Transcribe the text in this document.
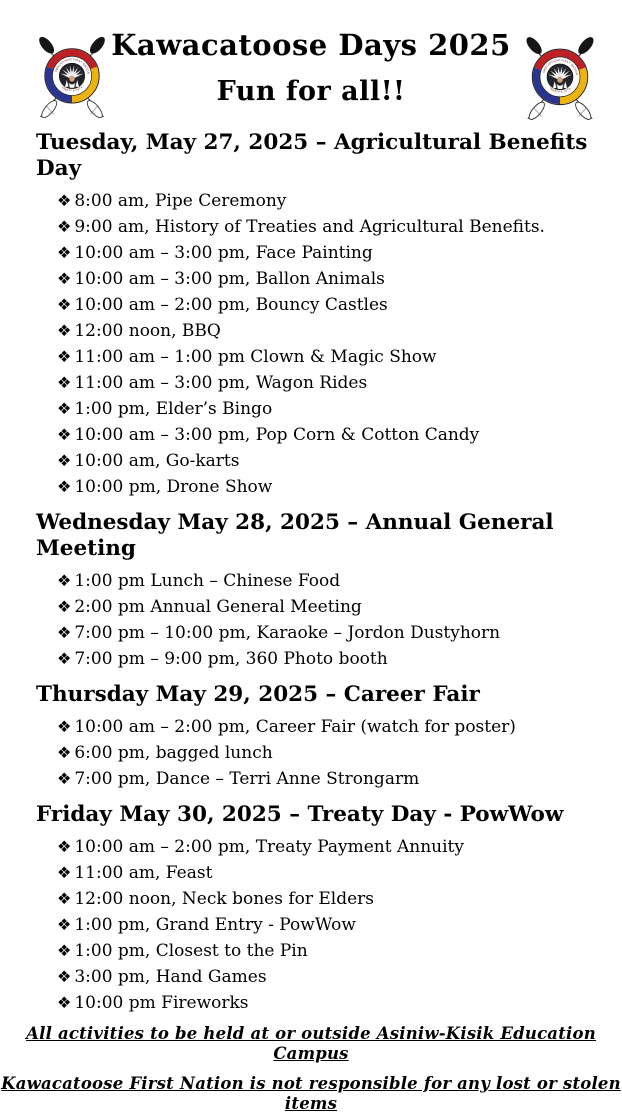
Kawacatoose Days 2025
Fun for all!!
Tuesday, May 27, 2025 – Agricultural Benefits Day
❖ 8:00 am, Pipe Ceremony
❖ 9:00 am, History of Treaties and Agricultural Benefits.
❖ 10:00 am – 3:00 pm, Face Painting
❖ 10:00 am – 3:00 pm, Ballon Animals
❖ 10:00 am – 2:00 pm, Bouncy Castles
❖ 12:00 noon, BBQ
❖ 11:00 am – 1:00 pm Clown & Magic Show
❖ 11:00 am – 3:00 pm, Wagon Rides
❖ 1:00 pm, Elder’s Bingo
❖ 10:00 am – 3:00 pm, Pop Corn & Cotton Candy
❖ 10:00 am, Go-karts
❖ 10:00 pm, Drone Show
Wednesday May 28, 2025 – Annual General Meeting
❖ 1:00 pm Lunch – Chinese Food
❖ 2:00 pm Annual General Meeting
❖ 7:00 pm – 10:00 pm, Karaoke – Jordon Dustyhorn
❖ 7:00 pm – 9:00 pm, 360 Photo booth
Thursday May 29, 2025 – Career Fair
❖ 10:00 am – 2:00 pm, Career Fair (watch for poster)
❖ 6:00 pm, bagged lunch
❖ 7:00 pm, Dance – Terri Anne Strongarm
Friday May 30, 2025 – Treaty Day - PowWow
❖ 10:00 am – 2:00 pm, Treaty Payment Annuity
❖ 11:00 am, Feast
❖ 12:00 noon, Neck bones for Elders
❖ 1:00 pm, Grand Entry - PowWow
❖ 1:00 pm, Closest to the Pin
❖ 3:00 pm, Hand Games
❖ 10:00 pm Fireworks
All activities to be held at or outside Asiniw-Kisik Education Campus
Kawacatoose First Nation is not responsible for any lost or stolen items
